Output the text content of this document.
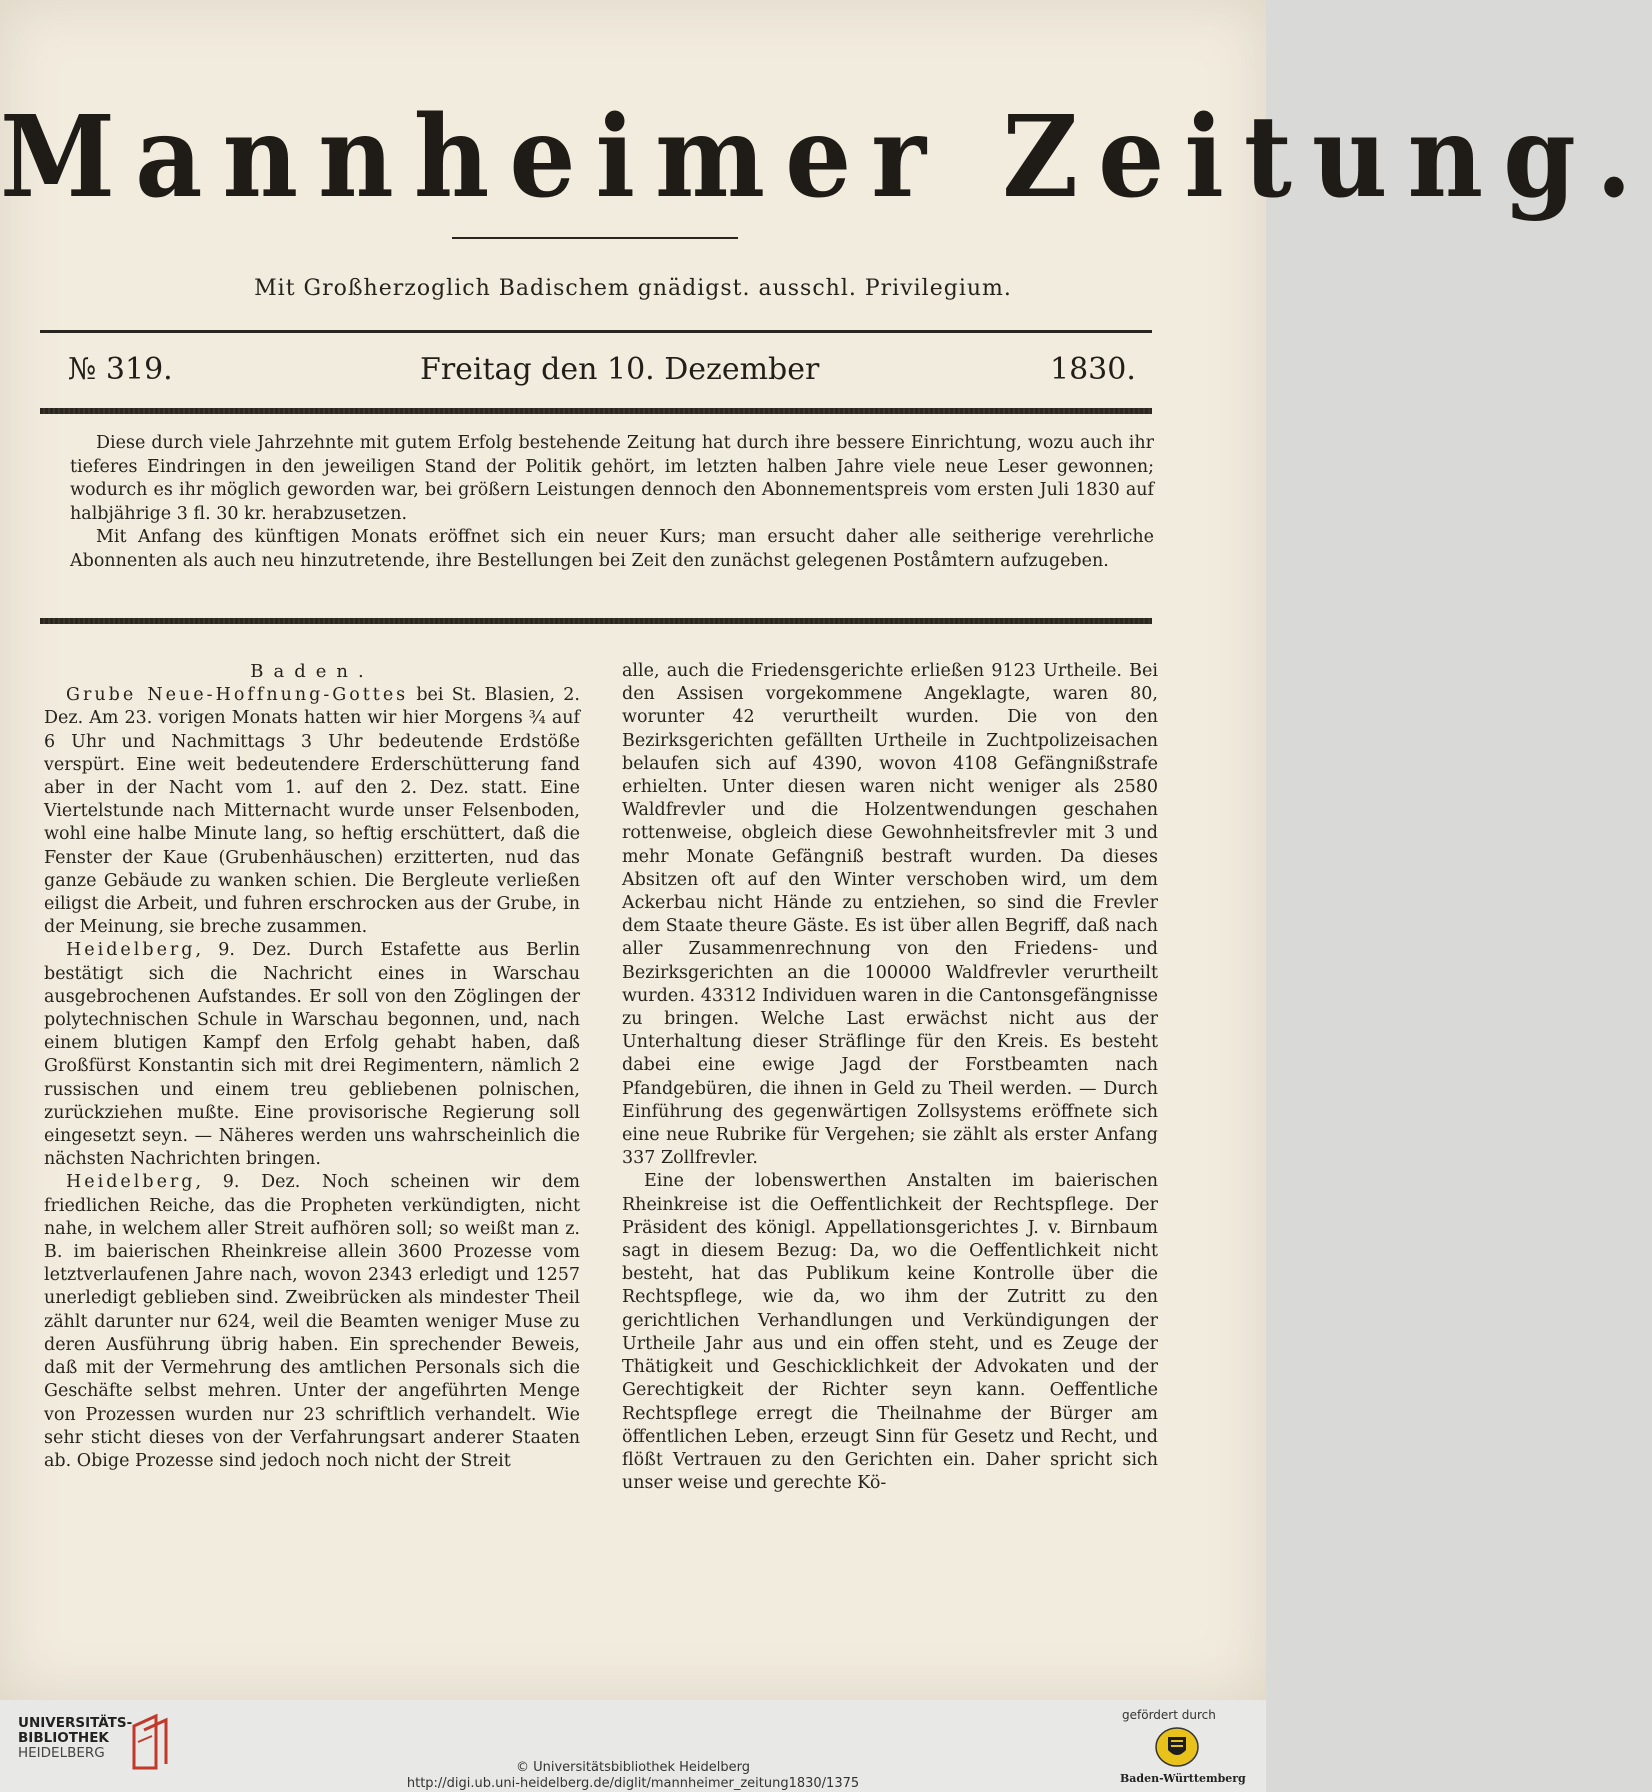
Mannheimer Zeitung.
Mit Großherzoglich Badischem gnädigst. ausschl. Privilegium.
№ 319.	Freitag den 10. Dezember	1830.

Diese durch viele Jahrzehnte mit gutem Erfolg bestehende Zeitung hat durch ihre bessere Einrichtung, wozu auch ihr tieferes Eindringen in den jeweiligen Stand der Politik gehört, im letzten halben Jahre viele neue Leser gewonnen; wodurch es ihr möglich geworden war, bei größern Leistungen dennoch den Abonnementspreis vom ersten Juli 1830 auf halbjährige 3 fl. 30 kr. herabzusetzen.

Mit Anfang des künftigen Monats eröffnet sich ein neuer Kurs; man ersucht daher alle seitherige verehrliche Abonnenten als auch neu hinzutretende, ihre Bestellungen bei Zeit den zunächst gelegenen Poståmtern aufzugeben.

Baden.

Grube Neue-Hoffnung-Gottes bei St. Blasien, 2. Dez. Am 23. vorigen Monats hatten wir hier Morgens ¾ auf 6 Uhr und Nachmittags 3 Uhr bedeutende Erdstöße verspürt. Eine weit bedeutendere Erderschütterung fand aber in der Nacht vom 1. auf den 2. Dez. statt. Eine Viertelstunde nach Mitternacht wurde unser Felsenboden, wohl eine halbe Minute lang, so heftig erschüttert, daß die Fenster der Kaue (Grubenhäuschen) erzitterten, nud das ganze Gebäude zu wanken schien. Die Bergleute verließen eiligst die Arbeit, und fuhren erschrocken aus der Grube, in der Meinung, sie breche zusammen.

Heidelberg, 9. Dez. Durch Estafette aus Berlin bestätigt sich die Nachricht eines in Warschau ausgebrochenen Aufstandes. Er soll von den Zöglingen der polytechnischen Schule in Warschau begonnen, und, nach einem blutigen Kampf den Erfolg gehabt haben, daß Großfürst Konstantin sich mit drei Regimentern, nämlich 2 russischen und einem treu gebliebenen polnischen, zurückziehen mußte. Eine provisorische Regierung soll eingesetzt seyn. — Näheres werden uns wahrscheinlich die nächsten Nachrichten bringen.

Heidelberg, 9. Dez. Noch scheinen wir dem friedlichen Reiche, das die Propheten verkündigten, nicht nahe, in welchem aller Streit aufhören soll; so weißt man z. B. im baierischen Rheinkreise allein 3600 Prozesse vom letztverlaufenen Jahre nach, wovon 2343 erledigt und 1257 unerledigt geblieben sind. Zweibrücken als mindester Theil zählt darunter nur 624, weil die Beamten weniger Muse zu deren Ausführung übrig haben. Ein sprechender Beweis, daß mit der Vermehrung des amtlichen Personals sich die Geschäfte selbst mehren. Unter der angeführten Menge von Prozessen wurden nur 23 schriftlich verhandelt. Wie sehr sticht dieses von der Verfahrungsart anderer Staaten ab. Obige Prozesse sind jedoch noch nicht der Streit

alle, auch die Friedensgerichte erließen 9123 Urtheile. Bei den Assisen vorgekommene Angeklagte, waren 80, worunter 42 verurtheilt wurden. Die von den Bezirksgerichten gefällten Urtheile in Zuchtpolizeisachen belaufen sich auf 4390, wovon 4108 Gefängnißstrafe erhielten. Unter diesen waren nicht weniger als 2580 Waldfrevler und die Holzentwendungen geschahen rottenweise, obgleich diese Gewohnheitsfrevler mit 3 und mehr Monate Gefängniß bestraft wurden. Da dieses Absitzen oft auf den Winter verschoben wird, um dem Ackerbau nicht Hände zu entziehen, so sind die Frevler dem Staate theure Gäste. Es ist über allen Begriff, daß nach aller Zusammenrechnung von den Friedens- und Bezirksgerichten an die 100000 Waldfrevler verurtheilt wurden. 43312 Individuen waren in die Cantonsgefängnisse zu bringen. Welche Last erwächst nicht aus der Unterhaltung dieser Sträflinge für den Kreis. Es besteht dabei eine ewige Jagd der Forstbeamten nach Pfandgebüren, die ihnen in Geld zu Theil werden. — Durch Einführung des gegenwärtigen Zollsystems eröffnete sich eine neue Rubrike für Vergehen; sie zählt als erster Anfang 337 Zollfrevler.

Eine der lobenswerthen Anstalten im baierischen Rheinkreise ist die Oeffentlichkeit der Rechtspflege. Der Präsident des königl. Appellationsgerichtes J. v. Birnbaum sagt in diesem Bezug: Da, wo die Oeffentlichkeit nicht besteht, hat das Publikum keine Kontrolle über die Rechtspflege, wie da, wo ihm der Zutritt zu den gerichtlichen Verhandlungen und Verkündigungen der Urtheile Jahr aus und ein offen steht, und es Zeuge der Thätigkeit und Geschicklichkeit der Advokaten und der Gerechtigkeit der Richter seyn kann. Oeffentliche Rechtspflege erregt die Theilnahme der Bürger am öffentlichen Leben, erzeugt Sinn für Gesetz und Recht, und flößt Vertrauen zu den Gerichten ein. Daher spricht sich unser weise und gerechte Kö-

UNIVERSITÄTS-
BIBLIOTHEK
HEIDELBERG
© Universitätsbibliothek Heidelberg
http://digi.ub.uni-heidelberg.de/diglit/mannheimer_zeitung1830/1375
gefördert durch
Baden-Württemberg
